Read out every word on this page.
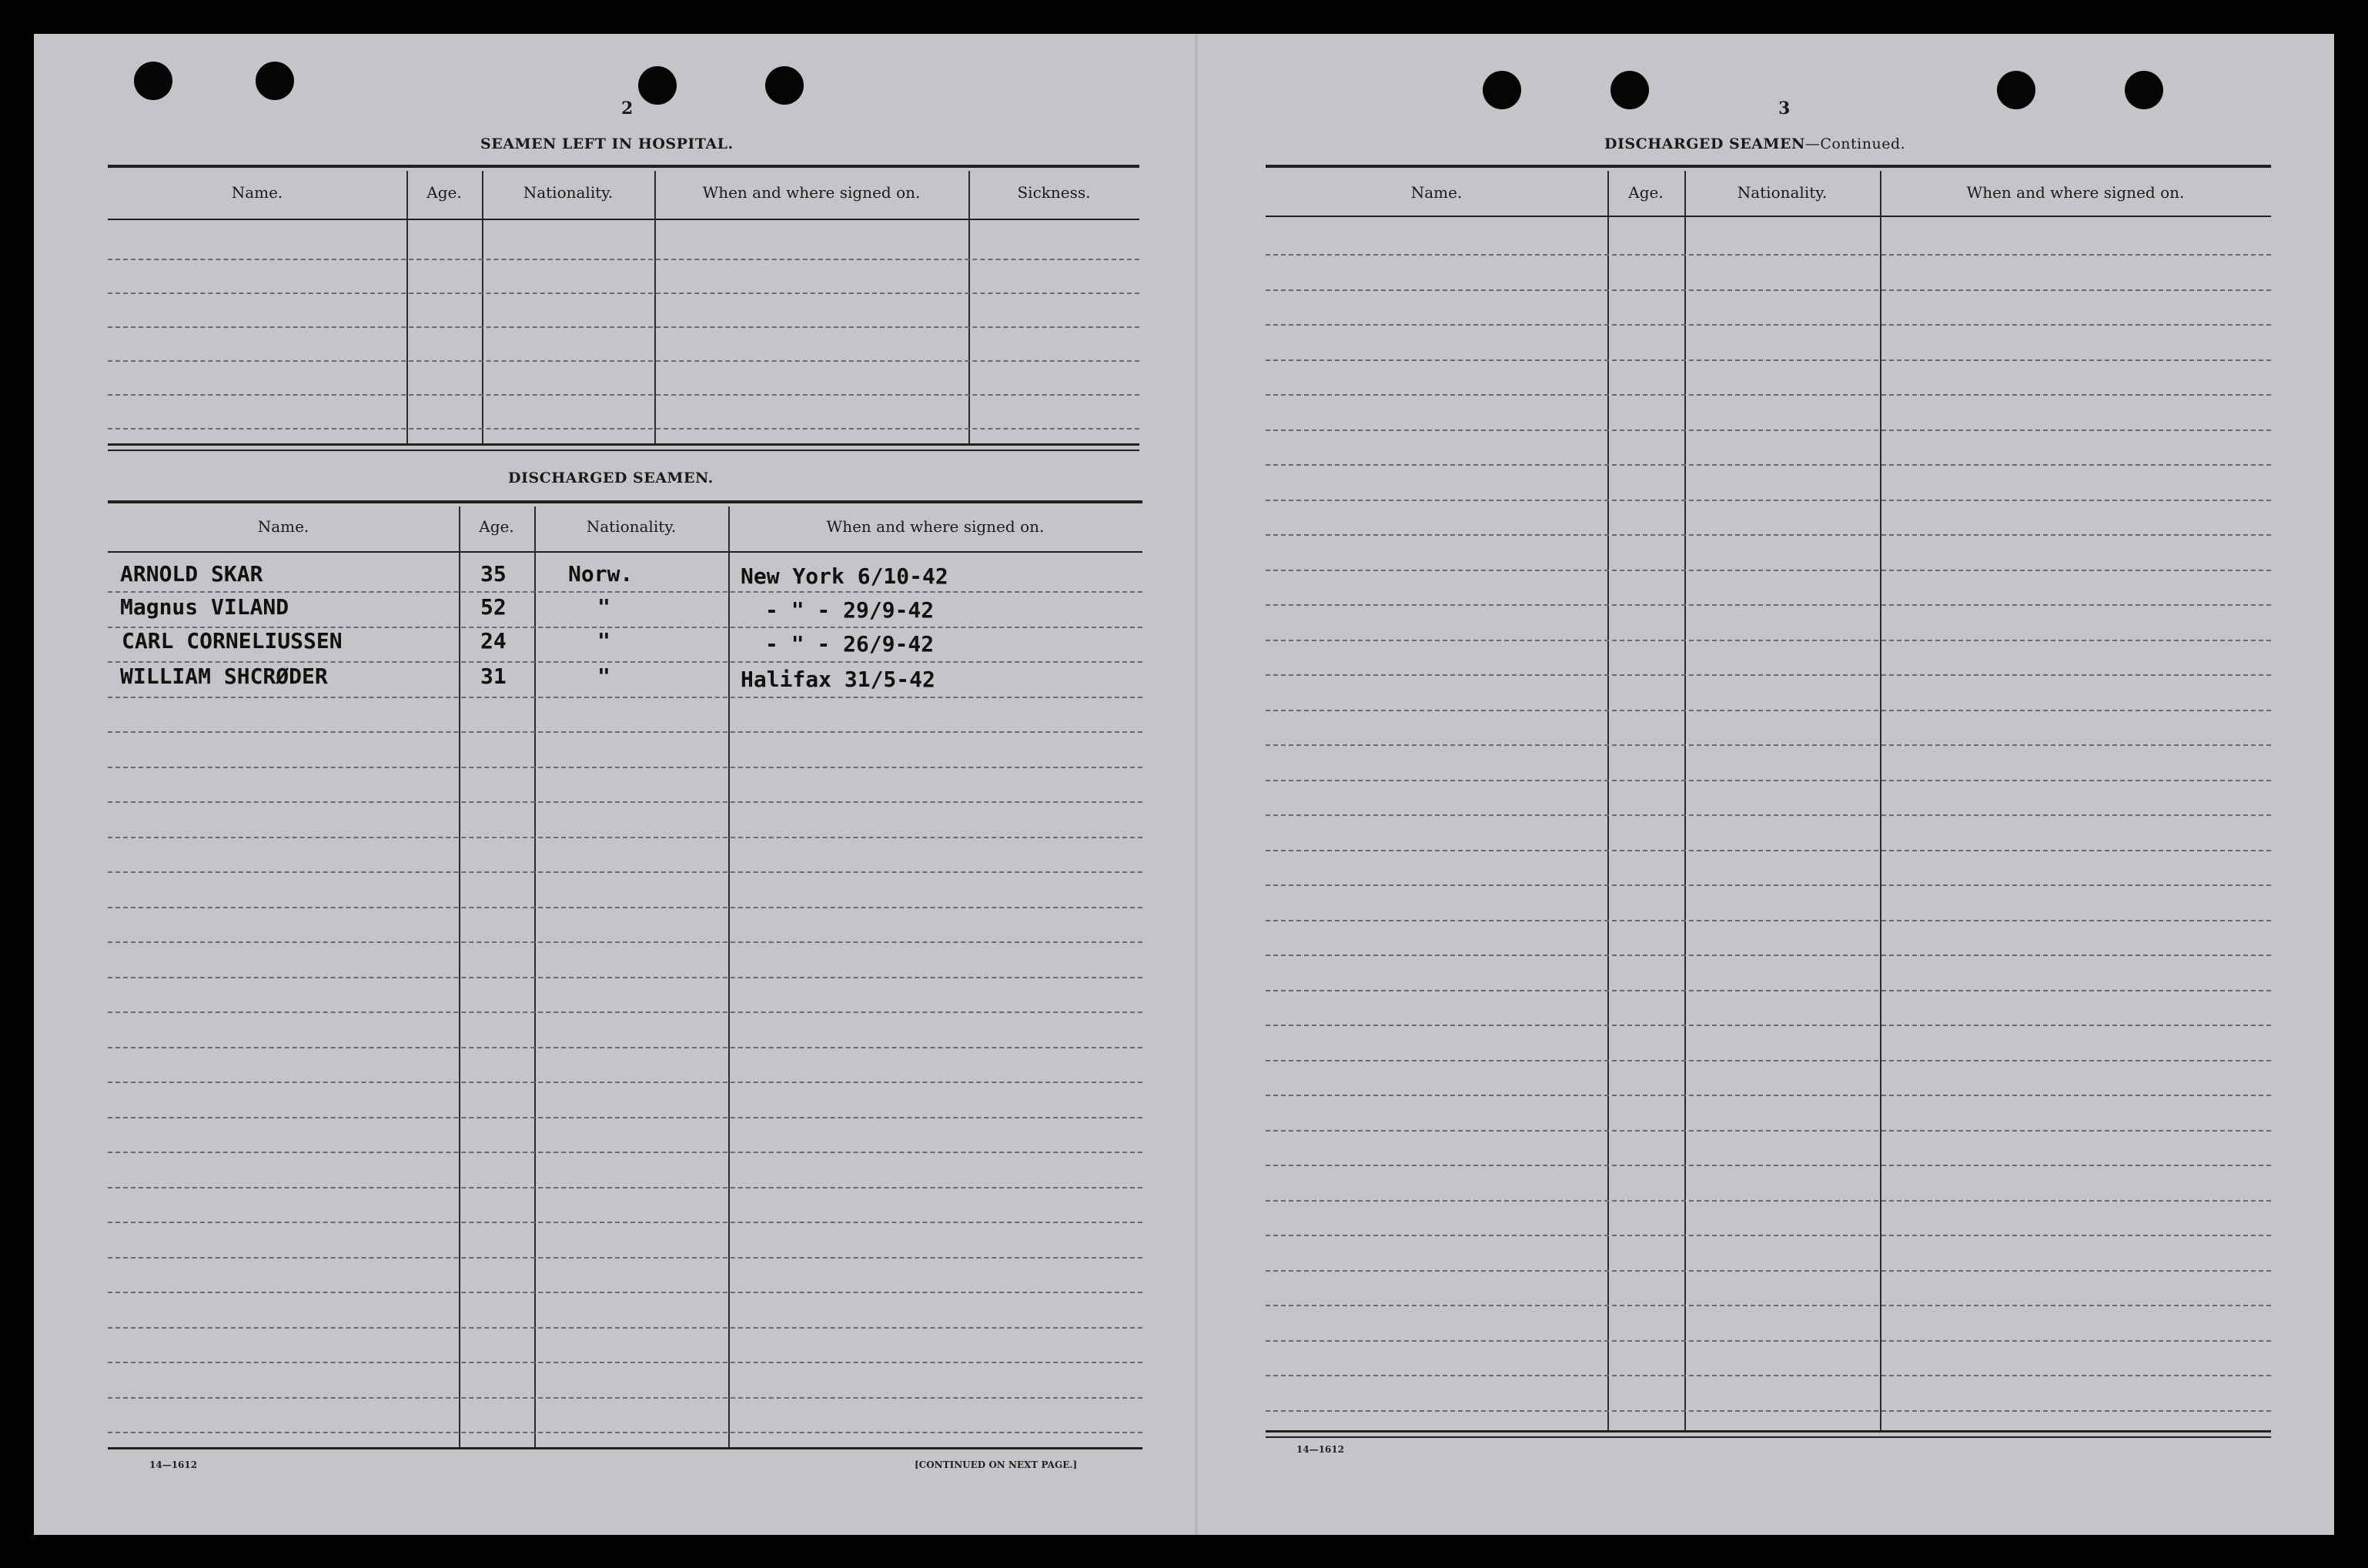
2
SEAMEN LEFT IN HOSPITAL.
Name.	Age.	Nationality.	When and where signed on.	Sickness.
DISCHARGED SEAMEN.
Name.	Age.	Nationality.	When and where signed on.
ARNOLD SKAR	35	Norw.	New York 6/10-42
Magnus VILAND	52	"	- " - 29/9-42
CARL CORNELIUSSEN	24	"	- " - 26/9-42
WILLIAM SHCRØDER	31	"	Halifax 31/5-42
14—1612	[CONTINUED ON NEXT PAGE.]
3
DISCHARGED SEAMEN—Continued.
Name.	Age.	Nationality.	When and where signed on.
14—1612
